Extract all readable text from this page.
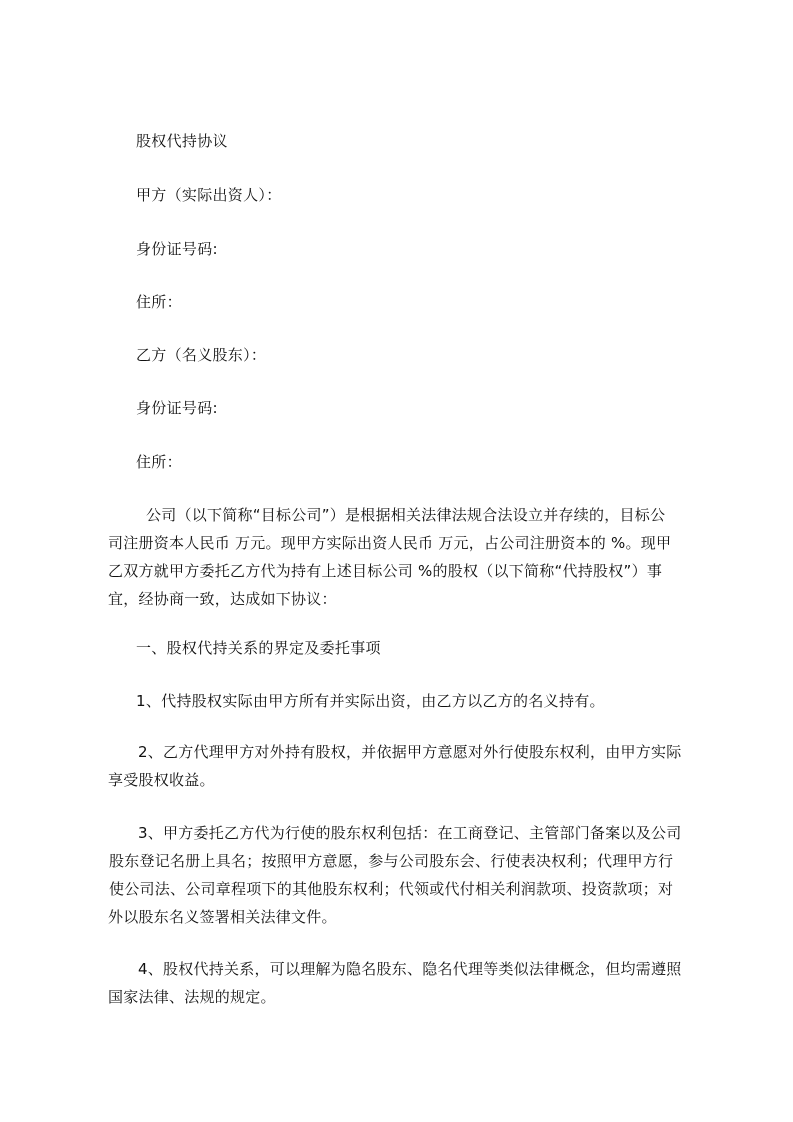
股权代持协议
甲方（实际出资人）：
身份证号码:
住所：
乙方（名义股东）：
身份证号码:
住所：
公司（以下简称“目标公司”）是根据相关法律法规合法设立并存续的，目标公
司注册资本人民币 万元。现甲方实际出资人民币 万元，占公司注册资本的 %。现甲
乙双方就甲方委托乙方代为持有上述目标公司 %的股权（以下简称“代持股权”）事
宜，经协商一致，达成如下协议：
一、股权代持关系的界定及委托事项
1、代持股权实际由甲方所有并实际出资，由乙方以乙方的名义持有。
2、乙方代理甲方对外持有股权，并依据甲方意愿对外行使股东权利，由甲方实际
享受股权收益。
3、甲方委托乙方代为行使的股东权利包括：在工商登记、主管部门备案以及公司
股东登记名册上具名；按照甲方意愿，参与公司股东会、行使表决权利；代理甲方行
使公司法、公司章程项下的其他股东权利；代领或代付相关利润款项、投资款项；对
外以股东名义签署相关法律文件。
4、股权代持关系，可以理解为隐名股东、隐名代理等类似法律概念，但均需遵照
国家法律、法规的规定。
